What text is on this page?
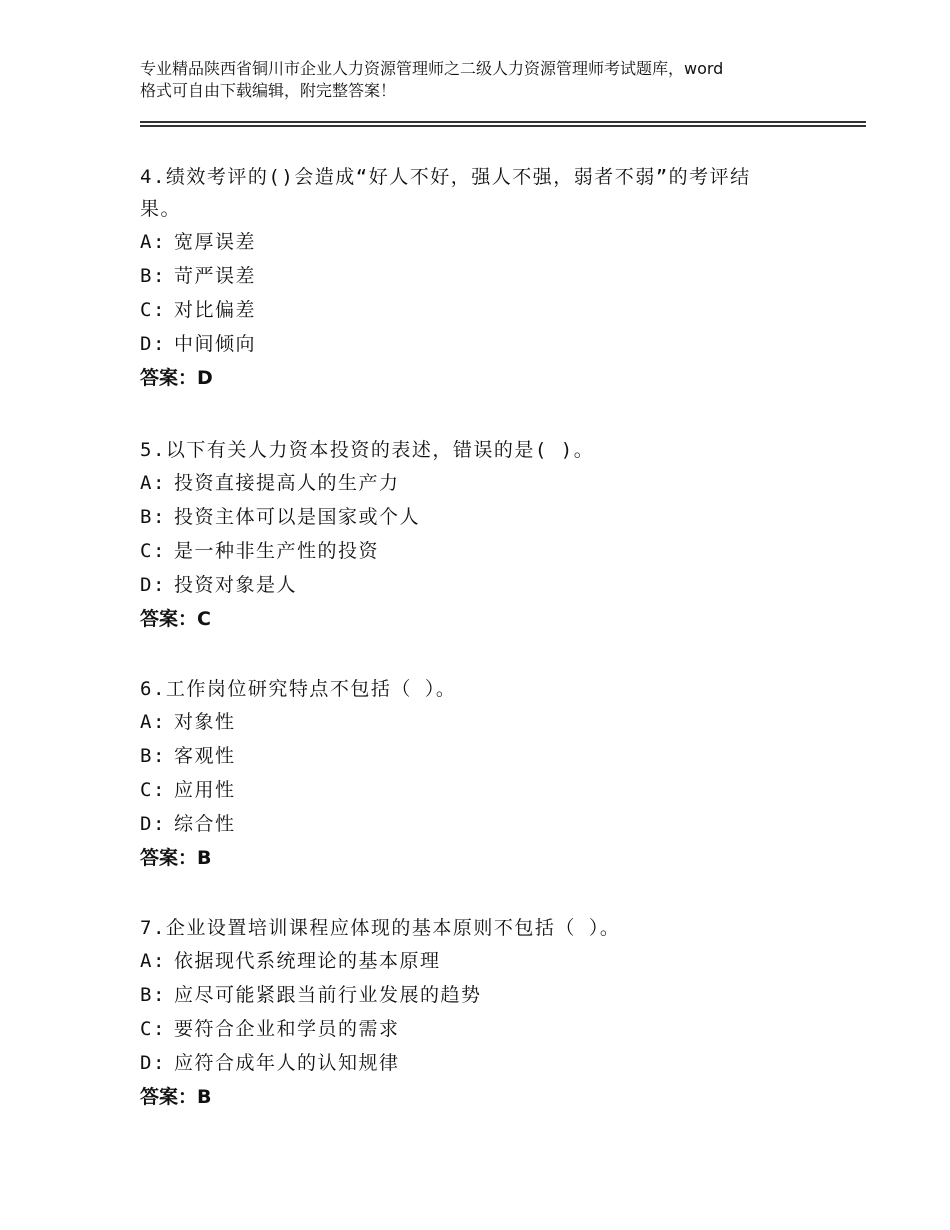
专业精品陕西省铜川市企业人力资源管理师之二级人力资源管理师考试题库，word
格式可自由下载编辑，附完整答案！

4.绩效考评的()会造成“好人不好，强人不强，弱者不弱”的考评结

果。

A: 宽厚误差

B: 苛严误差

C: 对比偏差

D: 中间倾向

答案：D

5.以下有关人力资本投资的表述，错误的是( )。

A: 投资直接提高人的生产力

B: 投资主体可以是国家或个人

C: 是一种非生产性的投资

D: 投资对象是人

答案：C

6.工作岗位研究特点不包括（ ）。

A: 对象性

B: 客观性

C: 应用性

D: 综合性

答案：B

7.企业设置培训课程应体现的基本原则不包括（ ）。

A: 依据现代系统理论的基本原理

B: 应尽可能紧跟当前行业发展的趋势

C: 要符合企业和学员的需求

D: 应符合成年人的认知规律

答案：B
